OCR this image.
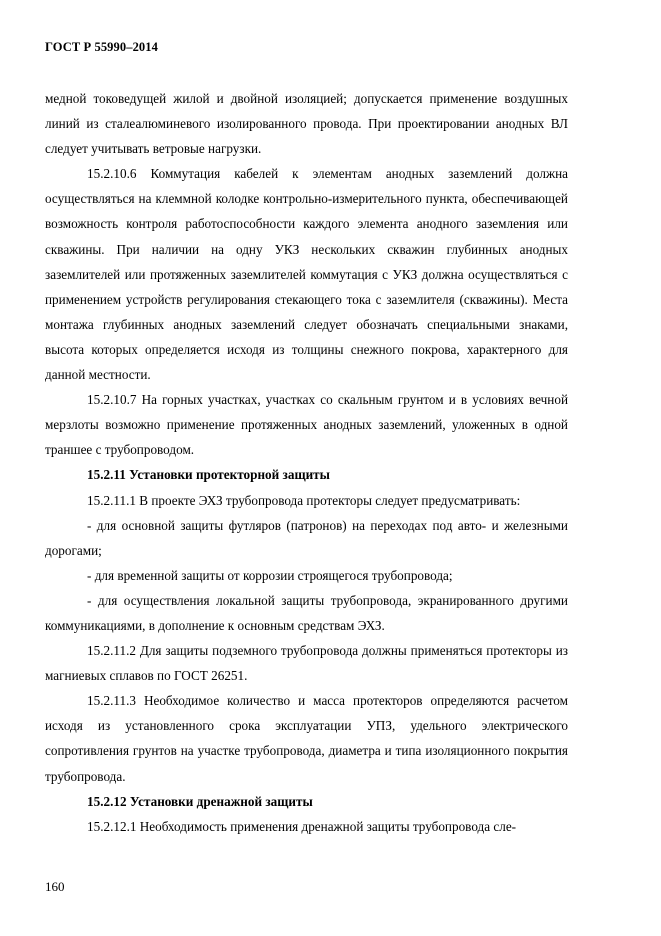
ГОСТ Р 55990–2014

медной токоведущей жилой и двойной изоляцией; допускается применение воздушных линий из сталеалюминевого изолированного провода. При проектировании анодных ВЛ следует учитывать ветровые нагрузки.

15.2.10.6 Коммутация кабелей к элементам анодных заземлений должна осуществляться на клеммной колодке контрольно-измерительного пункта, обеспечивающей возможность контроля работоспособности каждого элемента анодного заземления или скважины. При наличии на одну УКЗ нескольких скважин глубинных анодных заземлителей или протяженных заземлителей коммутация с УКЗ должна осуществляться с применением устройств регулирования стекающего тока с заземлителя (скважины). Места монтажа глубинных анодных заземлений следует обозначать специальными знаками, высота которых определяется исходя из толщины снежного покрова, характерного для данной местности.

15.2.10.7 На горных участках, участках со скальным грунтом и в условиях вечной мерзлоты возможно применение протяженных анодных заземлений, уложенных в одной траншее с трубопроводом.

15.2.11 Установки протекторной защиты

15.2.11.1 В проекте ЭХЗ трубопровода протекторы следует предусматривать:

- для основной защиты футляров (патронов) на переходах под авто- и железными дорогами;

- для временной защиты от коррозии строящегося трубопровода;

- для осуществления локальной защиты трубопровода, экранированного другими коммуникациями, в дополнение к основным средствам ЭХЗ.

15.2.11.2 Для защиты подземного трубопровода должны применяться протекторы из магниевых сплавов по ГОСТ 26251.

15.2.11.3 Необходимое количество и масса протекторов определяются расчетом исходя из установленного срока эксплуатации УПЗ, удельного электрического сопротивления грунтов на участке трубопровода, диаметра и типа изоляционного покрытия трубопровода.

15.2.12 Установки дренажной защиты

15.2.12.1 Необходимость применения дренажной защиты трубопровода сле-

160
